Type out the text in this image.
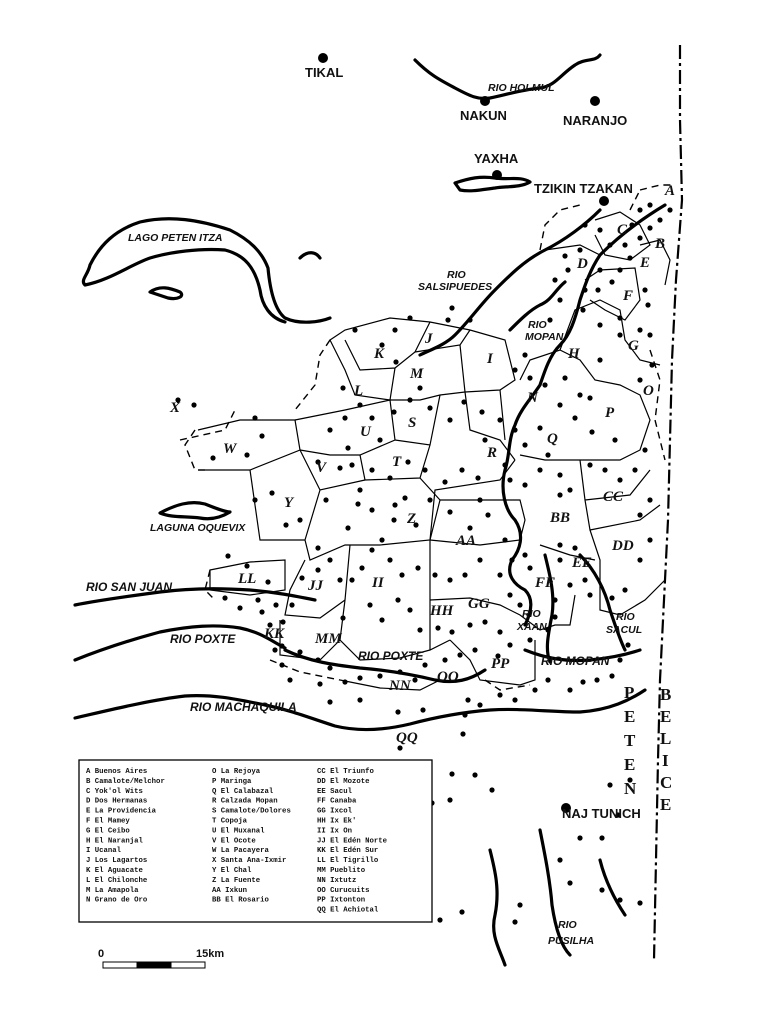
TIKAL
NAKUN	NARANJO
YAXHA
TZIKIN TZAKAN
NAJ TUNICH
RIO HOLMUL
LAGO PETEN ITZA
RIO
SALSIPUEDES
RIO
MOPAN
LAGUNA OQUEVIX
RIO SAN JUAN
RIO POXTE
RIO POXTE
RIO
XAAN
RIO
SACUL
RIO MOPAN
RIO MACHAQUILA
RIO
PUSILHA
A
B
C
D	E
F
G
H
I
J
K
L
M
N	O
P
Q
R
S
T
U
V
W
X
Y
Z
AA
BB
CC
DD
EE
FF
GG
HH
II
JJ
KK
LL
MM
NN
OO
PP
QQ
P
E
T
E
N
B
E
L
I
C
E
A Buenos Aires
B Camalote/Melchor
C Yok'ol Wits
D Dos Hermanas
E La Providencia
F El Mamey
G El Ceibo
H El Naranjal
I Ucanal
J Los Lagartos
K El Aguacate
L El Chilonche
M La Amapola
N Grano de Oro
O La Rejoya
P Maringa
Q El Calabazal
R Calzada Mopan
S Camalote/Dolores
T Copoja
U El Muxanal
V El Ocote
W La Pacayera
X Santa Ana-Ixmir
Y El Chal
Z La Fuente
AA Ixkun
BB El Rosario
CC El Triunfo
DD El Mozote
EE Sacul
FF Canaba
GG Ixcol
HH Ix Ek'
II Ix On
JJ El Edén Norte
KK El Edén Sur
LL El Tigrillo
MM Pueblito
NN Ixtutz
OO Curucuits
PP Ixtonton
QQ El Achiotal
0	15km
